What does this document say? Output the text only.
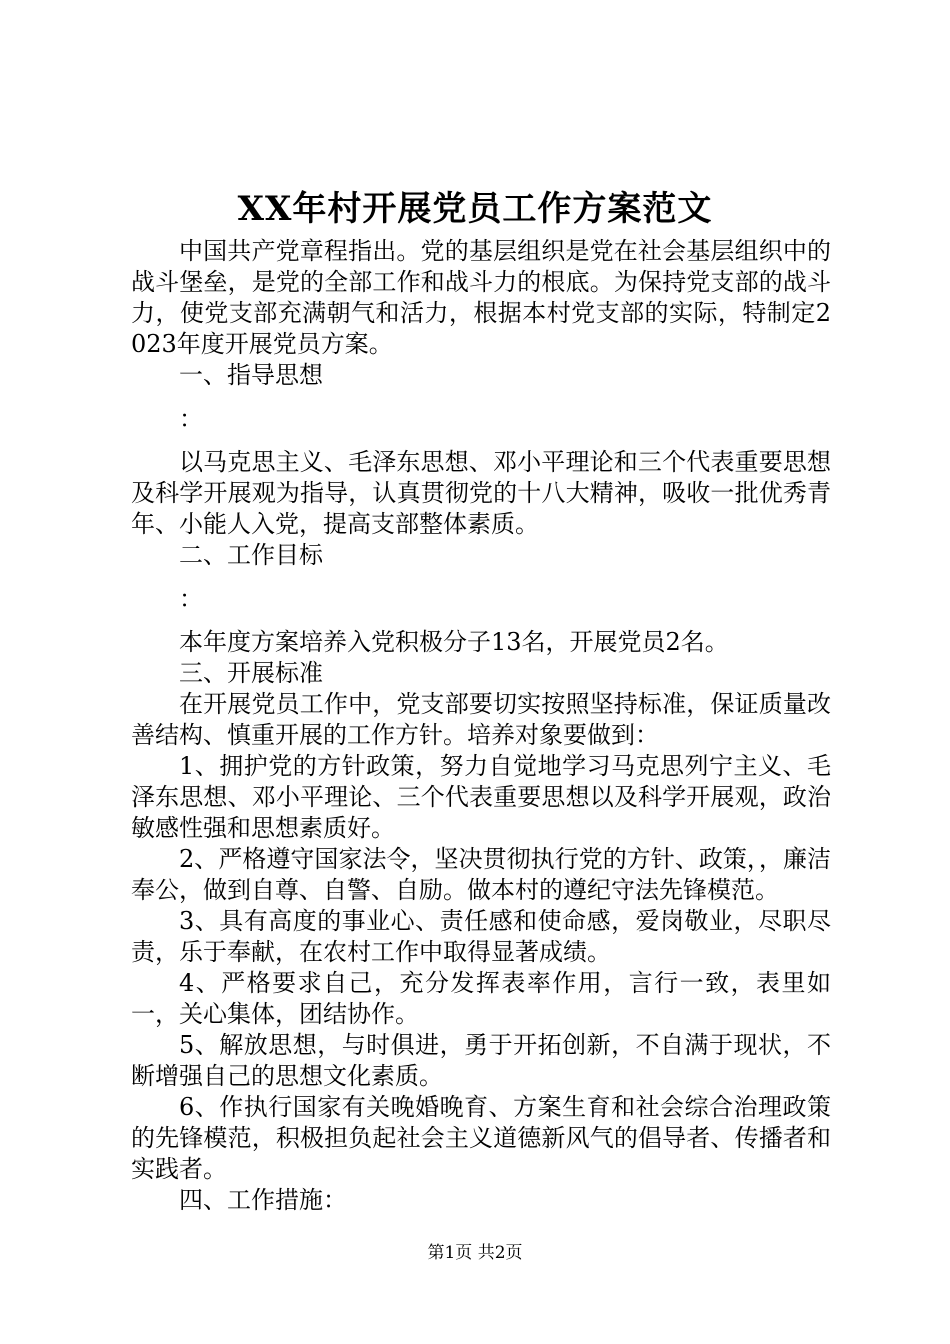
XX年村开展党员工作方案范文

中国共产党章程指出。党的基层组织是党在社会基层组织中的战斗堡垒，是党的全部工作和战斗力的根底。为保持党支部的战斗力，使党支部充满朝气和活力，根据本村党支部的实际，特制定2023年度开展党员方案。

一、指导思想

：

以马克思主义、毛泽东思想、邓小平理论和三个代表重要思想及科学开展观为指导，认真贯彻党的十八大精神，吸收一批优秀青年、小能人入党，提高支部整体素质。

二、工作目标

：

本年度方案培养入党积极分子13名，开展党员2名。

三、开展标准

在开展党员工作中，党支部要切实按照坚持标准，保证质量改善结构、慎重开展的工作方针。培养对象要做到：

1、拥护党的方针政策，努力自觉地学习马克思列宁主义、毛泽东思想、邓小平理论、三个代表重要思想以及科学开展观，政治敏感性强和思想素质好。

2、严格遵守国家法令，坚决贯彻执行党的方针、政策，，廉洁奉公，做到自尊、自警、自励。做本村的遵纪守法先锋模范。

3、具有高度的事业心、责任感和使命感，爱岗敬业，尽职尽责，乐于奉献，在农村工作中取得显著成绩。

4、严格要求自己，充分发挥表率作用，言行一致，表里如一，关心集体，团结协作。

5、解放思想，与时俱进，勇于开拓创新，不自满于现状，不断增强自己的思想文化素质。

6、作执行国家有关晚婚晚育、方案生育和社会综合治理政策的先锋模范，积极担负起社会主义道德新风气的倡导者、传播者和实践者。

四、工作措施：

第1页 共2页
